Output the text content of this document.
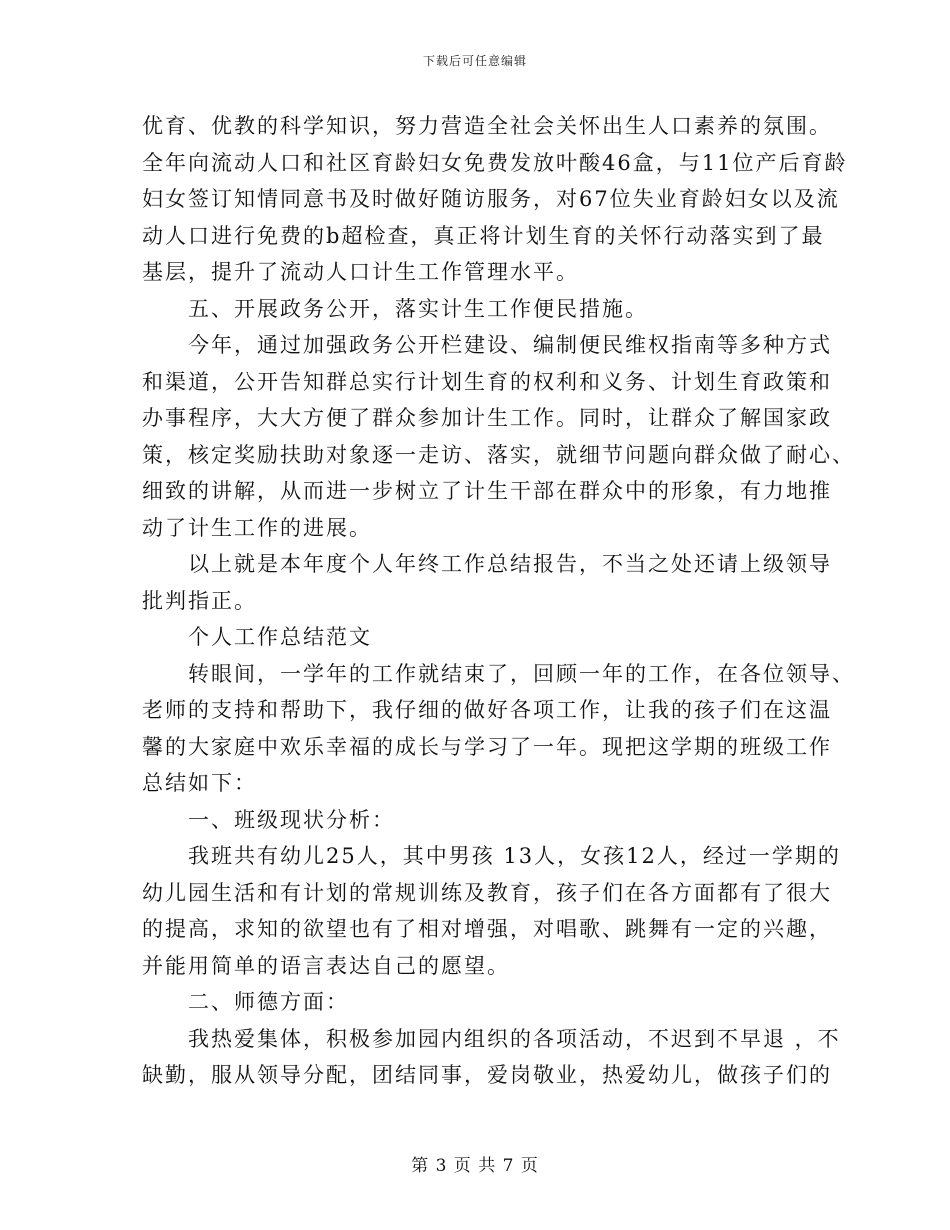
下载后可任意编辑
优育、优教的科学知识，努力营造全社会关怀出生人口素养的氛围。
全年向流动人口和社区育龄妇女免费发放叶酸46盒，与11位产后育龄
妇女签订知情同意书及时做好随访服务，对67位失业育龄妇女以及流
动人口进行免费的b超检查，真正将计划生育的关怀行动落实到了最
基层，提升了流动人口计生工作管理水平。
五、开展政务公开，落实计生工作便民措施。
今年，通过加强政务公开栏建设、编制便民维权指南等多种方式
和渠道，公开告知群总实行计划生育的权利和义务、计划生育政策和
办事程序，大大方便了群众参加计生工作。同时，让群众了解国家政
策，核定奖励扶助对象逐一走访、落实，就细节问题向群众做了耐心、
细致的讲解，从而进一步树立了计生干部在群众中的形象，有力地推
动了计生工作的进展。
以上就是本年度个人年终工作总结报告，不当之处还请上级领导
批判指正。
个人工作总结范文
转眼间，一学年的工作就结束了，回顾一年的工作，在各位领导、
老师的支持和帮助下，我仔细的做好各项工作，让我的孩子们在这温
馨的大家庭中欢乐幸福的成长与学习了一年。现把这学期的班级工作
总结如下：
一、班级现状分析：
我班共有幼儿25人，其中男孩 13人，女孩12人，经过一学期的
幼儿园生活和有计划的常规训练及教育，孩子们在各方面都有了很大
的提高，求知的欲望也有了相对增强，对唱歌、跳舞有一定的兴趣，
并能用简单的语言表达自己的愿望。
二、师德方面：
我热爱集体，积极参加园内组织的各项活动，不迟到不早退 ，不
缺勤，服从领导分配，团结同事，爱岗敬业，热爱幼儿，做孩子们的
第 3 页 共 7 页
